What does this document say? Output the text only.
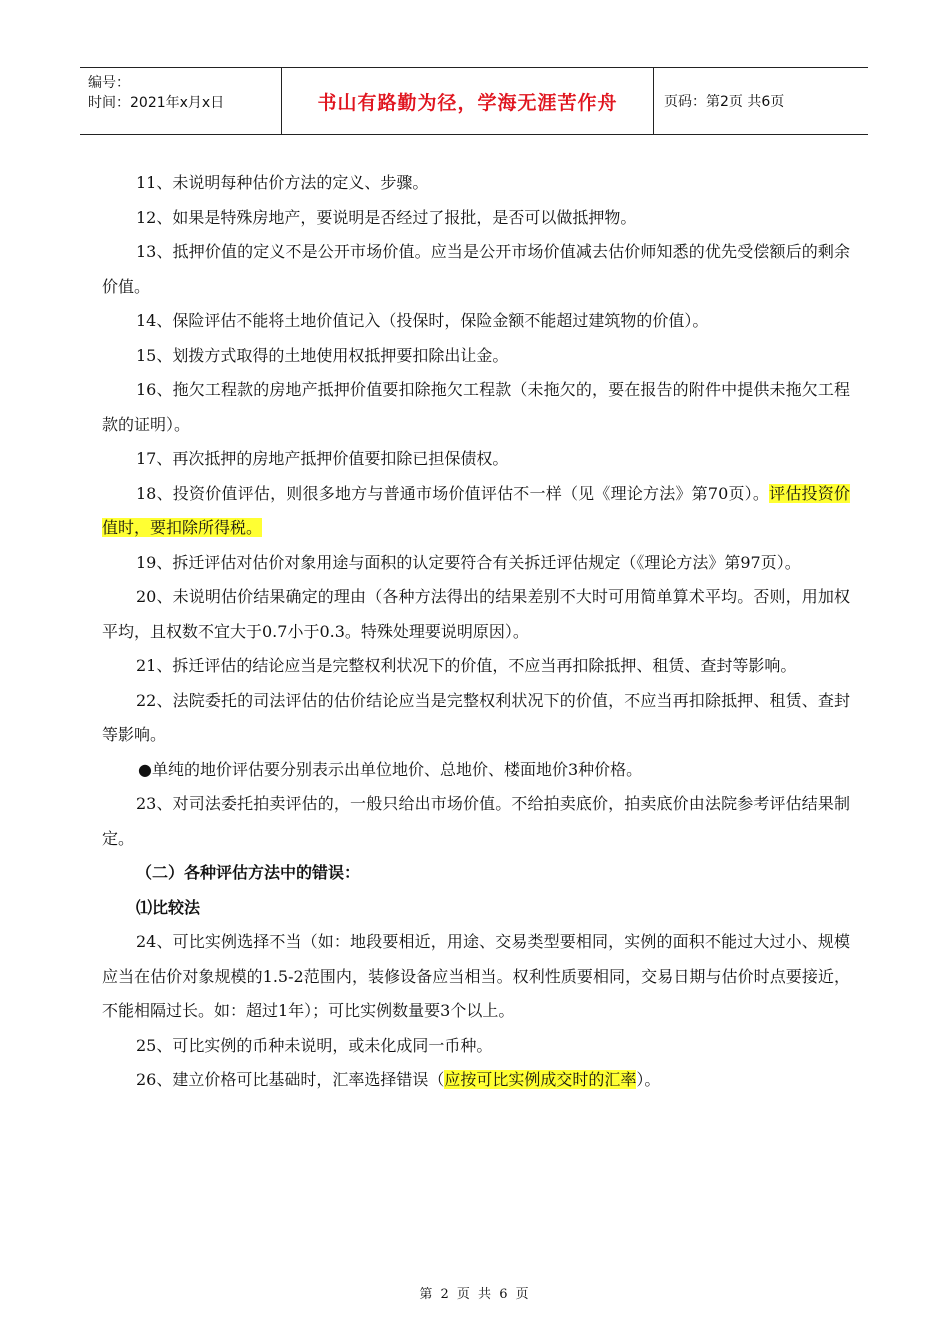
编号：
时间：2021年x月x日	书山有路勤为径，学海无涯苦作舟	页码：第2页 共6页

11、未说明每种估价方法的定义、步骤。

12、如果是特殊房地产，要说明是否经过了报批，是否可以做抵押物。

13、抵押价值的定义不是公开市场价值。应当是公开市场价值减去估价师知悉的优先受偿额后的剩余价值。

14、保险评估不能将土地价值记入（投保时，保险金额不能超过建筑物的价值）。

15、划拨方式取得的土地使用权抵押要扣除出让金。

16、拖欠工程款的房地产抵押价值要扣除拖欠工程款（未拖欠的，要在报告的附件中提供未拖欠工程款的证明）。

17、再次抵押的房地产抵押价值要扣除已担保债权。

18、投资价值评估，则很多地方与普通市场价值评估不一样（见《理论方法》第70页）。评估投资价值时，要扣除所得税。

19、拆迁评估对估价对象用途与面积的认定要符合有关拆迁评估规定（《理论方法》第97页）。

20、未说明估价结果确定的理由（各种方法得出的结果差别不大时可用简单算术平均。否则，用加权平均，且权数不宜大于0.7小于0.3。特殊处理要说明原因）。

21、拆迁评估的结论应当是完整权利状况下的价值，不应当再扣除抵押、租赁、查封等影响。

22、法院委托的司法评估的估价结论应当是完整权利状况下的价值，不应当再扣除抵押、租赁、查封等影响。

●单纯的地价评估要分别表示出单位地价、总地价、楼面地价3种价格。

23、对司法委托拍卖评估的，一般只给出市场价值。不给拍卖底价，拍卖底价由法院参考评估结果制定。

（二）各种评估方法中的错误：

⑴比较法

24、可比实例选择不当（如：地段要相近，用途、交易类型要相同，实例的面积不能过大过小、规模应当在估价对象规模的1.5-2范围内，装修设备应当相当。权利性质要相同，交易日期与估价时点要接近，不能相隔过长。如：超过1年）；可比实例数量要3个以上。

25、可比实例的币种未说明，或未化成同一币种。

26、建立价格可比基础时，汇率选择错误（应按可比实例成交时的汇率）。

第 2 页 共 6 页
